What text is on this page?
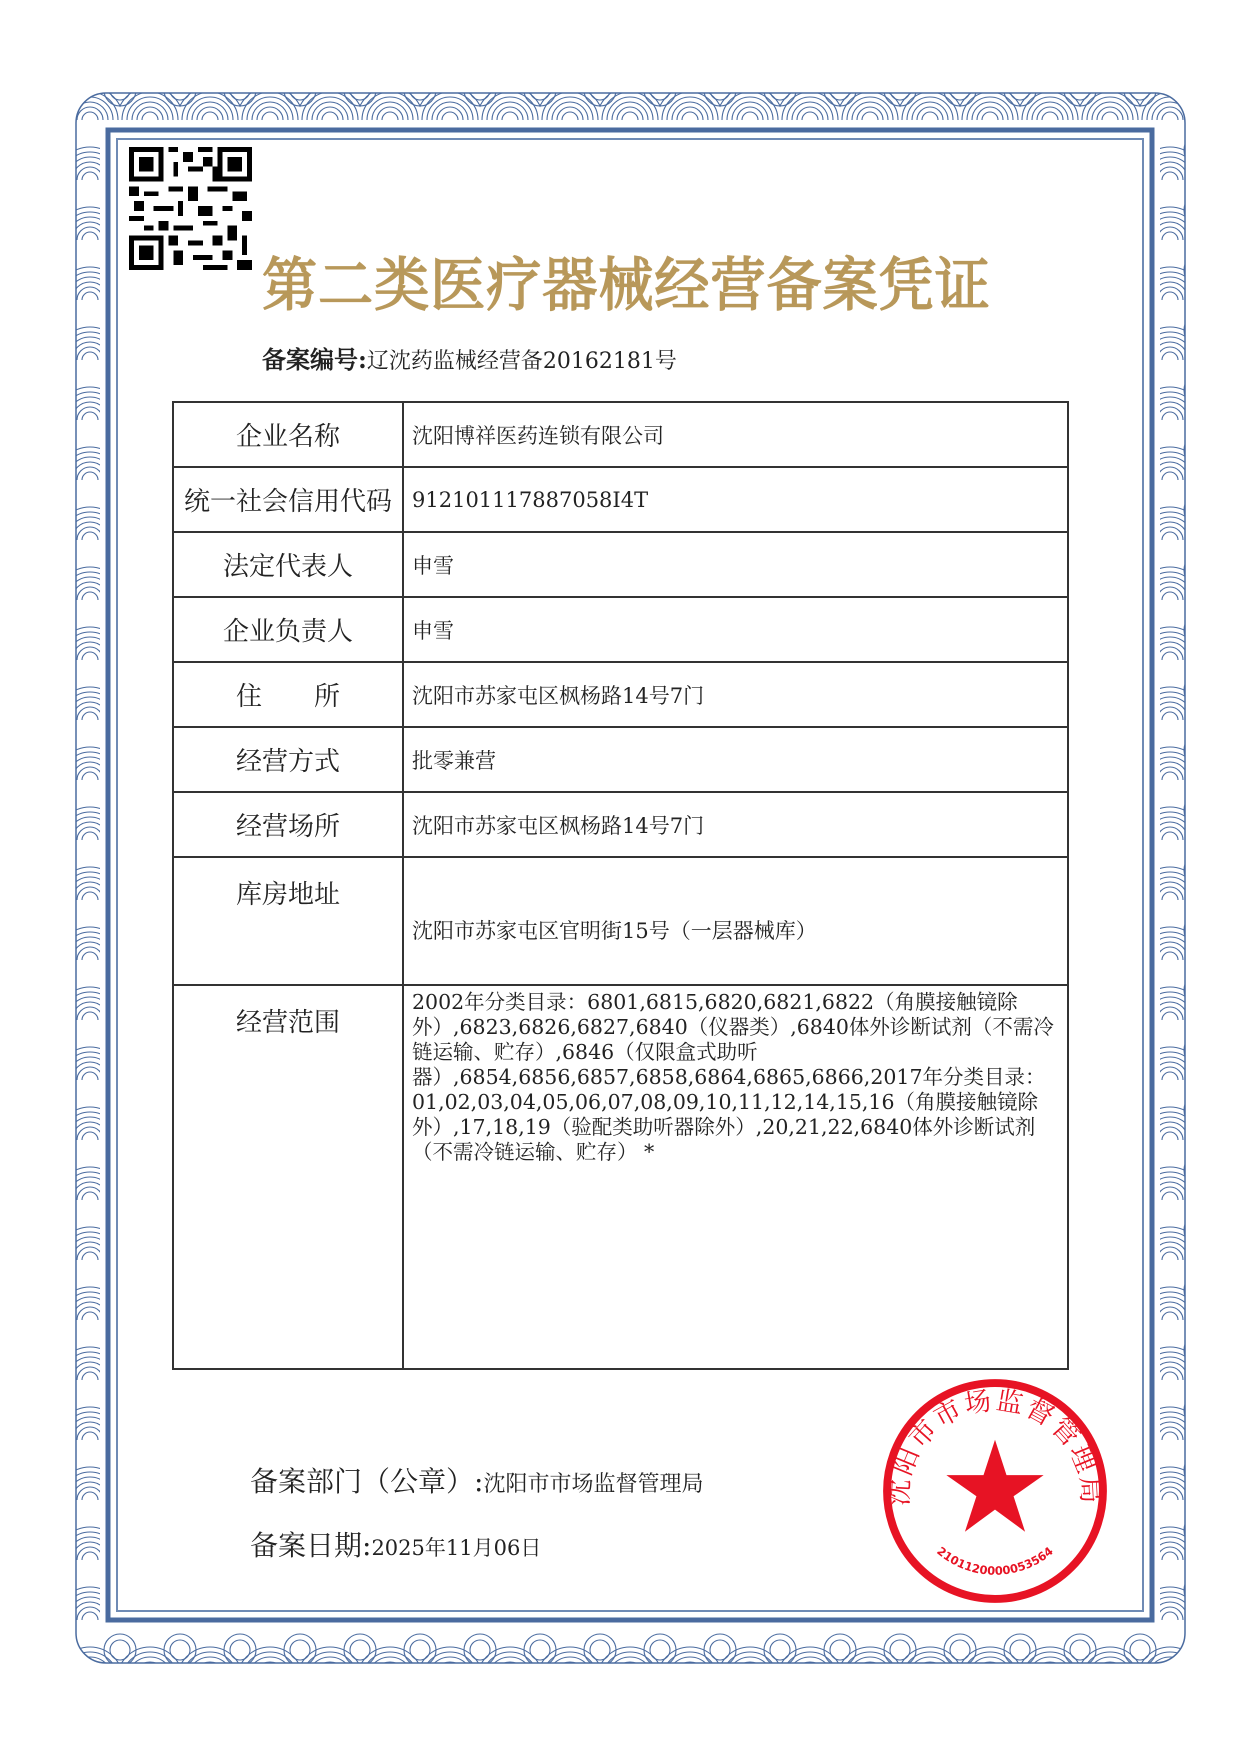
第二类医疗器械经营备案凭证
备案编号:辽沈药监械经营备20162181号
企业名称	沈阳博祥医药连锁有限公司
统一社会信用代码	912101117887058I4T
法定代表人	申雪
企业负责人	申雪
住　　所	沈阳市苏家屯区枫杨路14号7门
经营方式	批零兼营
经营场所	沈阳市苏家屯区枫杨路14号7门
库房地址	沈阳市苏家屯区官明街15号（一层器械库）
经营范围	2002年分类目录：6801,6815,6820,6821,6822（角膜接触镜除外）,6823,6826,6827,6840（仪器类）,6840体外诊断试剂（不需冷链运输、贮存）,6846（仅限盒式助听器）,6854,6856,6857,6858,6864,6865,6866,2017年分类目录：01,02,03,04,05,06,07,08,09,10,11,12,14,15,16（角膜接触镜除外）,17,18,19（验配类助听器除外）,20,21,22,6840体外诊断试剂（不需冷链运输、贮存） *
备案部门（公章）:沈阳市市场监督管理局
备案日期:2025年11月06日
沈阳市市场监督管理局
2101120000053564
